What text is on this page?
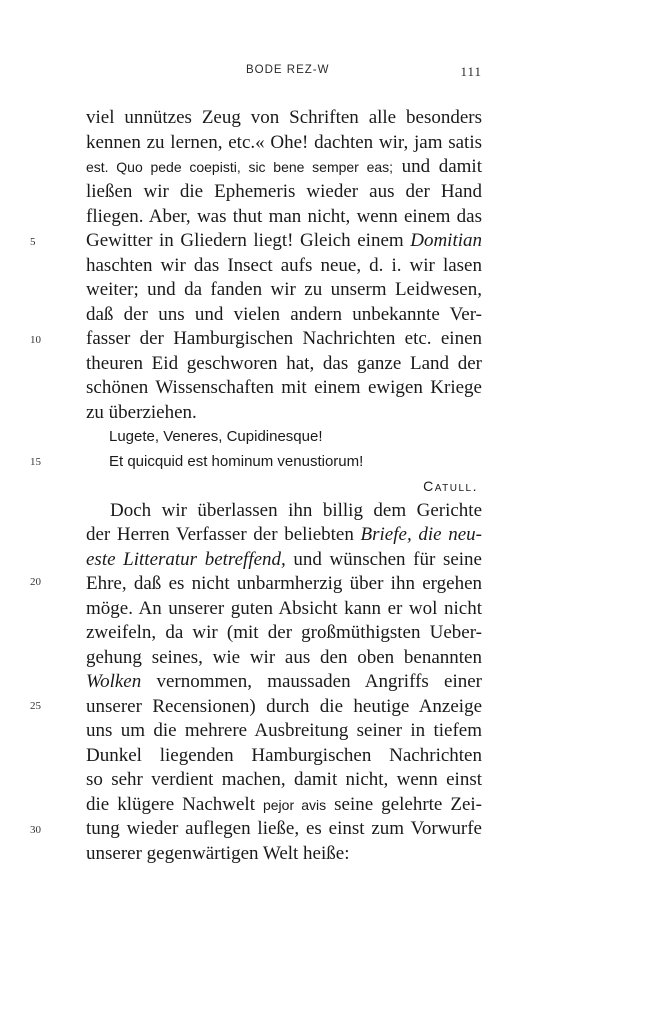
BODE REZ-W	111
5
10
15
20
25
30
viel unnützes Zeug von Schriften alle besonders
kennen zu lernen, etc.« Ohe! dachten wir, jam satis
est. Quo pede coepisti, sic bene semper eas; und damit
ließen wir die Ephemeris wieder aus der Hand
fliegen. Aber, was thut man nicht, wenn einem das
Gewitter in Gliedern liegt! Gleich einem Domitian
haschten wir das Insect aufs neue, d. i. wir lasen
weiter; und da fanden wir zu unserm Leidwesen,
daß der uns und vielen andern unbekannte Ver-
fasser der Hamburgischen Nachrichten etc. einen
theuren Eid geschworen hat, das ganze Land der
schönen Wissenschaften mit einem ewigen Kriege
zu überziehen.
Lugete, Veneres, Cupidinesque!
Et quicquid est hominum venustiorum!
Catull.
Doch wir überlassen ihn billig dem Gerichte
der Herren Verfasser der beliebten Briefe, die neu-
este Litteratur betreffend, und wünschen für seine
Ehre, daß es nicht unbarmherzig über ihn ergehen
möge. An unserer guten Absicht kann er wol nicht
zweifeln, da wir (mit der großmüthigsten Ueber-
gehung seines, wie wir aus den oben benannten
Wolken vernommen, maussaden Angriffs einer
unserer Recensionen) durch die heutige Anzeige
uns um die mehrere Ausbreitung seiner in tiefem
Dunkel liegenden Hamburgischen Nachrichten
so sehr verdient machen, damit nicht, wenn einst
die klügere Nachwelt pejor avis seine gelehrte Zei-
tung wieder auflegen ließe, es einst zum Vorwurfe
unserer gegenwärtigen Welt heiße:
